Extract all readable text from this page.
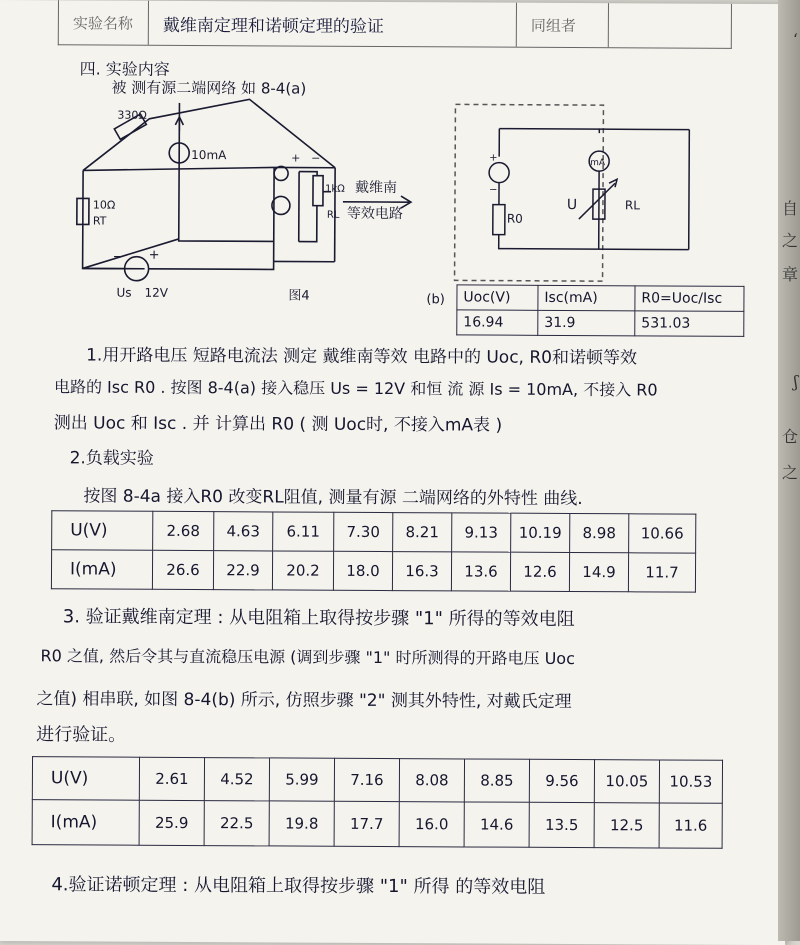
实验名称	戴维南定理和诺顿定理的验证	同组者
四. 实验内容
被 测有源二端网络 如 8-4(a)
330Ω
10mA
10Ω
RT
Us 12V
− +
+ −
1kΩ
RL
戴维南
等效电路
图4
R0
U	RL
mA
+
−
(b) Uoc(V)	Isc(mA)	R0=Uoc/Isc
16.94	31.9	531.03
1.用开路电压 短路电流法 测定 戴维南等效 电路中的 Uoc, R0和诺顿等效
电路的 Isc R0 . 按图 8-4(a) 接入稳压 Us = 12V 和恒 流 源 Is = 10mA, 不接入 R0
测出 Uoc 和 Isc . 并 计算出 R0 ( 测 Uoc时, 不接入mA表 )
2.负载实验
按图 8-4a 接入R0 改变RL阻值, 测量有源 二端网络的外特性 曲线.
U(V)	2.68	4.63	6.11	7.30	8.21	9.13	10.19	8.98	10.66
I(mA)	26.6	22.9	20.2	18.0	16.3	13.6	12.6	14.9	11.7
3. 验证戴维南定理 : 从电阻箱上取得按步骤 "1" 所得的等效电阻
R0 之值, 然后令其与直流稳压电源 (调到步骤 "1" 时所测得的开路电压 Uoc
之值) 相串联, 如图 8-4(b) 所示, 仿照步骤 "2" 测其外特性, 对戴氏定理
进行验证。
U(V)	2.61	4.52	5.99	7.16	8.08	8.85	9.56	10.05	10.53
I(mA)	25.9	22.5	19.8	17.7	16.0	14.6	13.5	12.5	11.6
4.验证诺顿定理 : 从电阻箱上取得按步骤 "1" 所得 的等效电阻
ʻ
自
之
章
ʃ
仓
之
